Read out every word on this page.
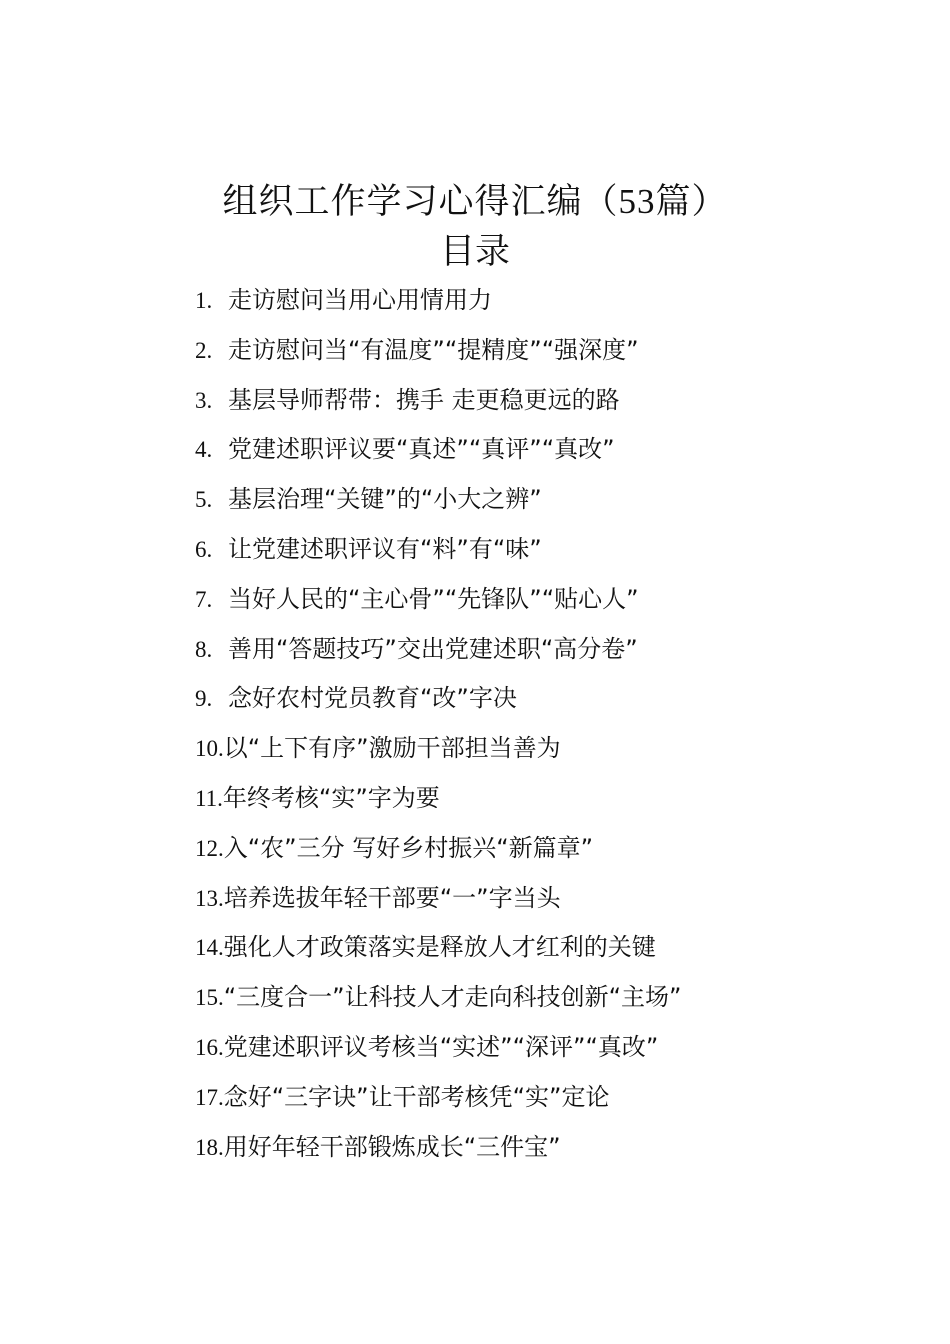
组织工作学习心得汇编（53篇）
目录
1. 走访慰问当用心用情用力
2. 走访慰问当“有温度”“提精度”“强深度”
3. 基层导师帮带：携手 走更稳更远的路
4. 党建述职评议要“真述”“真评”“真改”
5. 基层治理“关键”的“小大之辨”
6. 让党建述职评议有“料”有“味”
7. 当好人民的“主心骨”“先锋队”“贴心人”
8. 善用“答题技巧”交出党建述职“高分卷”
9. 念好农村党员教育“改”字决
10.以“上下有序”激励干部担当善为
11.年终考核“实”字为要
12.入“农”三分 写好乡村振兴“新篇章”
13.培养选拔年轻干部要“一”字当头
14.强化人才政策落实是释放人才红利的关键
15.“三度合一”让科技人才走向科技创新“主场”
16.党建述职评议考核当“实述”“深评”“真改”
17.念好“三字诀”让干部考核凭“实”定论
18.用好年轻干部锻炼成长“三件宝”
